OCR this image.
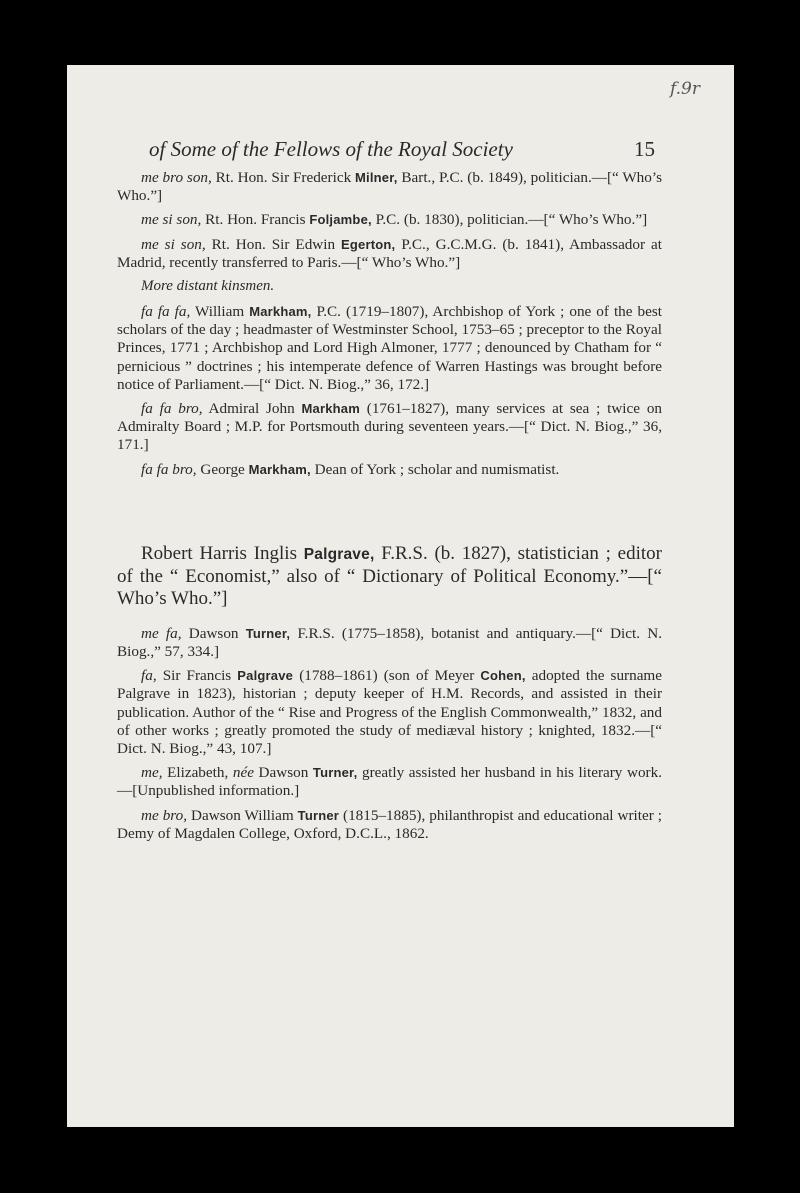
f.9r
of Some of the Fellows of the Royal Society	15

me bro son, Rt. Hon. Sir Frederick Milner, Bart., P.C. (b. 1849), politician.—[“ Who’s Who.”]

me si son, Rt. Hon. Francis Foljambe, P.C. (b. 1830), politician.—[“ Who’s Who.”]

me si son, Rt. Hon. Sir Edwin Egerton, P.C., G.C.M.G. (b. 1841), Ambassador at Madrid, recently transferred to Paris.—[“ Who’s Who.”]

More distant kinsmen.

fa fa fa, William Markham, P.C. (1719–1807), Archbishop of York ; one of the best scholars of the day ; headmaster of Westminster School, 1753–65 ; preceptor to the Royal Princes, 1771 ; Archbishop and Lord High Almoner, 1777 ; denounced by Chatham for “ pernicious ” doctrines ; his intemperate defence of Warren Hastings was brought before notice of Parliament.—[“ Dict. N. Biog.,” 36, 172.]

fa fa bro, Admiral John Markham (1761–1827), many services at sea ; twice on Admiralty Board ; M.P. for Portsmouth during seventeen years.—[“ Dict. N. Biog.,” 36, 171.]

fa fa bro, George Markham, Dean of York ; scholar and numismatist.

Robert Harris Inglis Palgrave, F.R.S. (b. 1827), statistician ; editor of the “ Economist,” also of “ Dictionary of Political Economy.”—[“ Who’s Who.”]

me fa, Dawson Turner, F.R.S. (1775–1858), botanist and antiquary.—[“ Dict. N. Biog.,” 57, 334.]

fa, Sir Francis Palgrave (1788–1861) (son of Meyer Cohen, adopted the surname Palgrave in 1823), historian ; deputy keeper of H.M. Records, and assisted in their publication. Author of the “ Rise and Progress of the English Commonwealth,” 1832, and of other works ; greatly promoted the study of mediæval history ; knighted, 1832.—[“ Dict. N. Biog.,” 43, 107.]

me, Elizabeth, née Dawson Turner, greatly assisted her husband in his literary work.—[Unpublished information.]

me bro, Dawson William Turner (1815–1885), philanthropist and educational writer ; Demy of Magdalen College, Oxford, D.C.L., 1862.
